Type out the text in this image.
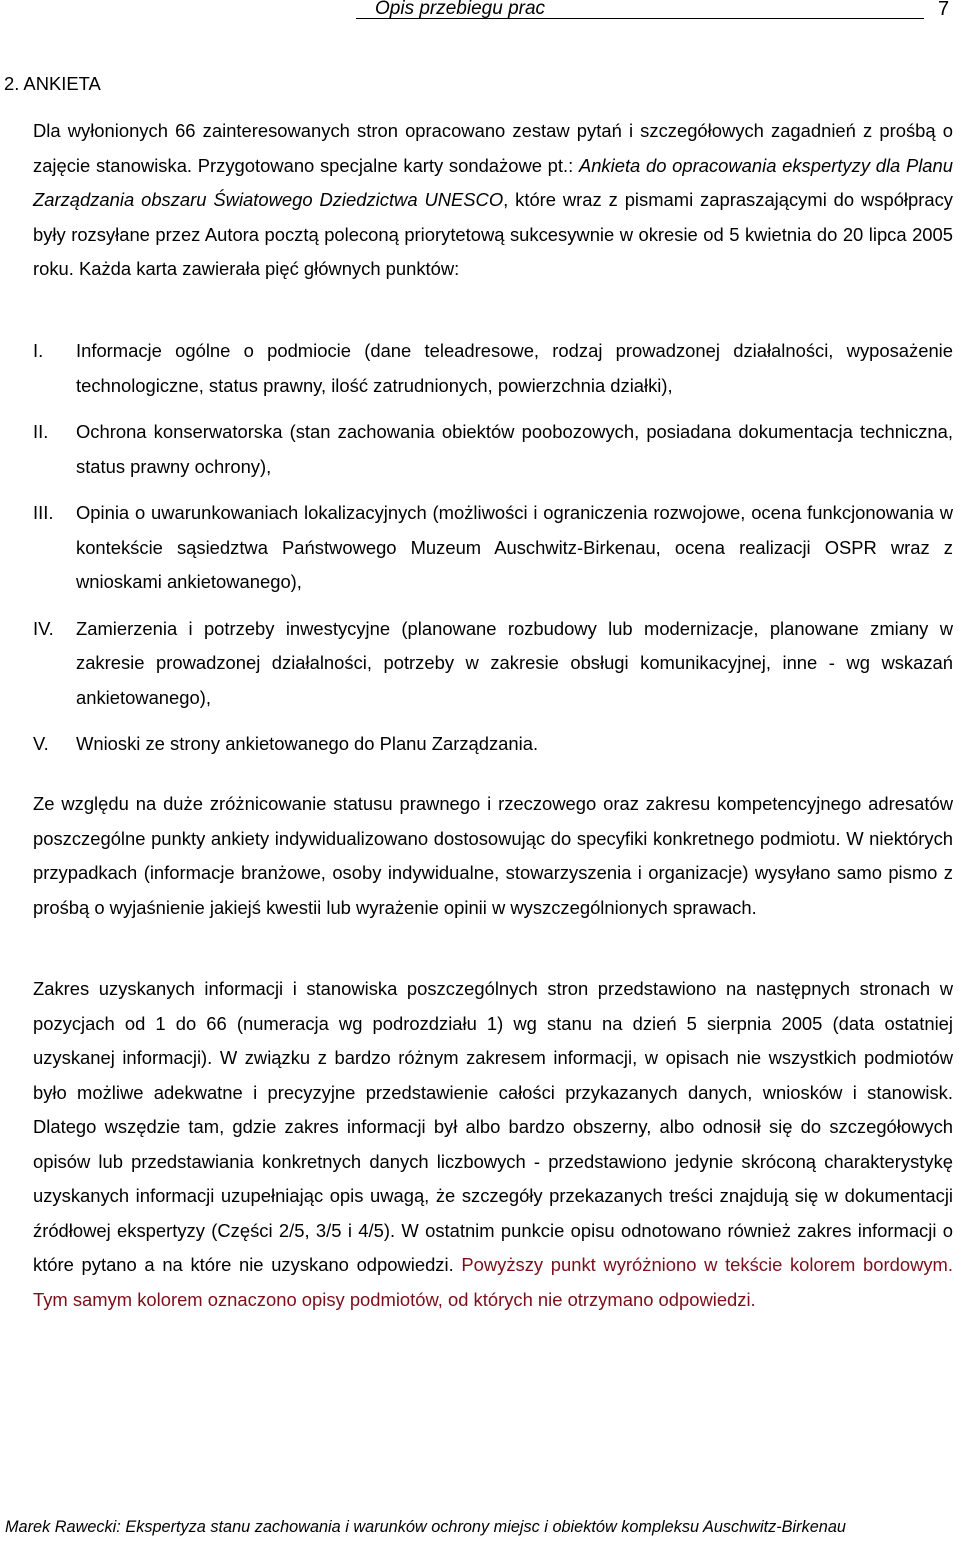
Opis przebiegu prac	7
2. ANKIETA

Dla wyłonionych 66 zainteresowanych stron opracowano zestaw pytań i szczegółowych zagadnień z prośbą o zajęcie stanowiska. Przygotowano specjalne karty sondażowe pt.: Ankieta do opracowania ekspertyzy dla Planu Zarządzania obszaru Światowego Dziedzictwa UNESCO, które wraz z pismami zapraszającymi do współpracy były rozsyłane przez Autora pocztą poleconą priorytetową sukcesywnie w okresie od 5 kwietnia do 20 lipca 2005 roku. Każda karta zawierała pięć głównych punktów:

I. Informacje ogólne o podmiocie (dane teleadresowe, rodzaj prowadzonej działalności, wyposażenie technologiczne, status prawny, ilość zatrudnionych, powierzchnia działki),
II. Ochrona konserwatorska (stan zachowania obiektów poobozowych, posiadana dokumentacja techniczna, status prawny ochrony),
III. Opinia o uwarunkowaniach lokalizacyjnych (możliwości i ograniczenia rozwojowe, ocena funkcjonowania w kontekście sąsiedztwa Państwowego Muzeum Auschwitz-Birkenau, ocena realizacji OSPR wraz z wnioskami ankietowanego),
IV. Zamierzenia i potrzeby inwestycyjne (planowane rozbudowy lub modernizacje, planowane zmiany w zakresie prowadzonej działalności, potrzeby w zakresie obsługi komunikacyjnej, inne - wg wskazań ankietowanego),
V. Wnioski ze strony ankietowanego do Planu Zarządzania.

Ze względu na duże zróżnicowanie statusu prawnego i rzeczowego oraz zakresu kompetencyjnego adresatów poszczególne punkty ankiety indywidualizowano dostosowując do specyfiki konkretnego podmiotu. W niektórych przypadkach (informacje branżowe, osoby indywidualne, stowarzyszenia i organizacje) wysyłano samo pismo z prośbą o wyjaśnienie jakiejś kwestii lub wyrażenie opinii w wyszczególnionych sprawach.

Zakres uzyskanych informacji i stanowiska poszczególnych stron przedstawiono na następnych stronach w pozycjach od 1 do 66 (numeracja wg podrozdziału 1) wg stanu na dzień 5 sierpnia 2005 (data ostatniej uzyskanej informacji). W związku z bardzo różnym zakresem informacji, w opisach nie wszystkich podmiotów było możliwe adekwatne i precyzyjne przedstawienie całości przykazanych danych, wniosków i stanowisk. Dlatego wszędzie tam, gdzie zakres informacji był albo bardzo obszerny, albo odnosił się do szczegółowych opisów lub przedstawiania konkretnych danych liczbowych - przedstawiono jedynie skróconą charakterystykę uzyskanych informacji uzupełniając opis uwagą, że szczegóły przekazanych treści znajdują się w dokumentacji źródłowej ekspertyzy (Części 2/5, 3/5 i 4/5). W ostatnim punkcie opisu odnotowano również zakres informacji o które pytano a na które nie uzyskano odpowiedzi. Powyższy punkt wyróżniono w tekście kolorem bordowym. Tym samym kolorem oznaczono opisy podmiotów, od których nie otrzymano odpowiedzi.

Marek Rawecki: Ekspertyza stanu zachowania i warunków ochrony miejsc i obiektów kompleksu Auschwitz-Birkenau
